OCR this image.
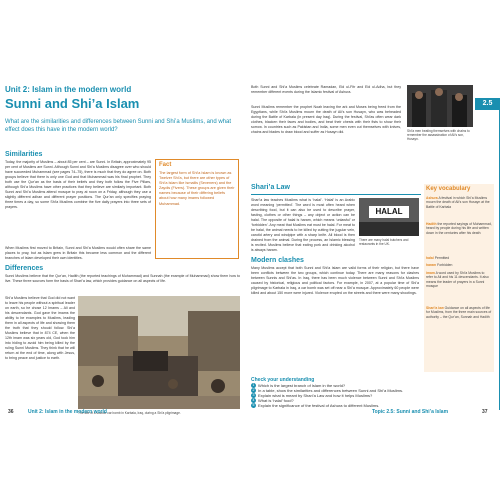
Unit 2: Islam in the modern world
Sunni and Shi’a Islam
What are the similarities and differences between Sunni and Shi’a Muslims, and what effect does this have in the modern world?
Similarities
Today, the majority of Muslims – about 85 per cent – are Sunni. In Britain, approximately 95 per cent of Muslims are Sunni. Although Sunni and Shi’a Muslims disagree over who should have succeeded Muhammad (see pages 74–75), there is much that they do agree on. Both groups believe that there is only one God and that Muhammad was his final prophet. They both use the Qur’an as the basis of their beliefs and they both follow the Five Pillars, although Shi’a Muslims have other practices that they believe are similarly important. Both Sunni and Shi’a Muslims attend mosque to pray at noon on a Friday, although they use a slightly different adhan and different prayer positions. The Qur’an only specifies praying three times a day, so some Shi’a Muslims combine the five daily prayers into three sets of prayers.
When Muslims first moved to Britain, Sunni and Shi’a Muslims would often share the same places to pray, but as Islam grew in Britain this became less common and the different branches of Islam developed their own identities.
Fact
The largest form of Shi’a Islam is known as Twelver Shi’a, but there are other types of Shi’a Islam like Ismailis (Seveners) and the Zaydis (Fivers). These groups are given their names because of their differing beliefs about how many imams followed Muhammad.
Differences
Sunni Muslims believe that the Qur’an, Hadith (the reported teachings of Muhammad) and Sunnah (the example of Muhammad) show them how to live. These three sources form the basis of Shari’a law, which provides guidance on all aspects of life.
Shi’a Muslims believe that God did not want to leave his people without a spiritual leader on earth, so he chose 12 Imams – Ali and his descendants. God gave the imams the ability to be examples to Muslims, leading them in all aspects of life and showing them the truth that they should follow. Shi’a Muslims believe that in 874 CE, when the 12th imam was six years old, God took him into hiding to avoid him being killed by the ruling Sunni Muslims. They think that he will return at the end of time, along with Jesus, to bring peace and justice to earth.
The site of a suicide car bomb in Karbala, Iraq, during a Shi’a pilgrimage.
Both Sunni and Shi’a Muslims celebrate Ramadan, Eid ul-Fitr and Eid ul-Adha, but they remember different events during the Islamic festival of Ashura.
Sunni Muslims remember the prophet Noah leaving the ark and Moses being freed from the Egyptians, while Shi’a Muslims mourn the death of Ali’s son Husayn, who was beheaded during the Battle of Karbala (in present day Iraq). During the festival, Shi’as often wear dark clothes, blacken their faces and bodies, and beat their chests with their fists to show their sorrow. In countries such as Pakistan and India, some men even cut themselves with knives, chains and blades to draw blood and suffer as Husayn did.	Shi’a men beating themselves with chains to remember the assassination of Ali’s son, Husayn.
Shari’a Law
Shari’a law teaches Muslims what is ‘halal’. ‘Halal’ is an Arabic word meaning ‘permitted’. The word is most often heard when describing food, but it can also be used to describe prayer, fasting, clothes or other things – any object or action can be halal. The opposite of halal is haram, which means ‘unlawful’ or ‘forbidden’. Any meat that Muslims eat must be halal. For meat to be halal, the animal needs to be killed by cutting the jugular vein, carotid artery and windpipe with a sharp knife. All blood is then drained from the animal. During the process, an Islamic blessing is recited. Muslims believe that eating pork and drinking alcohol is always haram.
HALAL
There are many halal butchers and restaurants in the UK.
Modern clashes
Many Muslims accept that both Sunni and Shi’a Islam are valid forms of their religion, but there have been conflicts between the two groups, which continue today. There are many reasons for clashes between Sunnis and Shi’as. In Iraq, there has been much violence between Sunni and Shi’a Muslims caused by historical, religious and political factors. For example, in 2007, at a popular time of Shi’a pilgrimage to Karbala in Iraq, a car bomb was set off near a Shi’a mosque. Approximately 60 people were killed and about 150 more were injured. Violence erupted on the streets and there were many shootings.
2.5
Key vocabulary
Ashura A festival in which Shi’a Muslims mourn the death of Ali’s son Husayn at the Battle of Karbala
Hadith the reported sayings of Muhammad, heard by people during his life and written down in the centuries after his death
halal Permitted
haram Forbidden
imam A word used by Shi’a Muslims to refer to Ali and his 11 descendants. It also means the leader of prayers in a Sunni mosque
Shari’a law Guidance on all aspects of life for Muslims, from the three main sources of authority – the Qur’an, Sunnah and Hadith
Check your understanding
1 Which is the largest branch of Islam in the world?
2 In a table, show the similarities and differences between Sunni and Shi’a Muslims.
3 Explain what is meant by Shari’a Law and how it helps Muslims?
4 What is ‘halal’ food?
5 Explain the significance of the festival of Ashura to different Muslims.
36	Unit 2: Islam in the modern world	Topic 2.5: Sunni and Shi’a Islam	37
